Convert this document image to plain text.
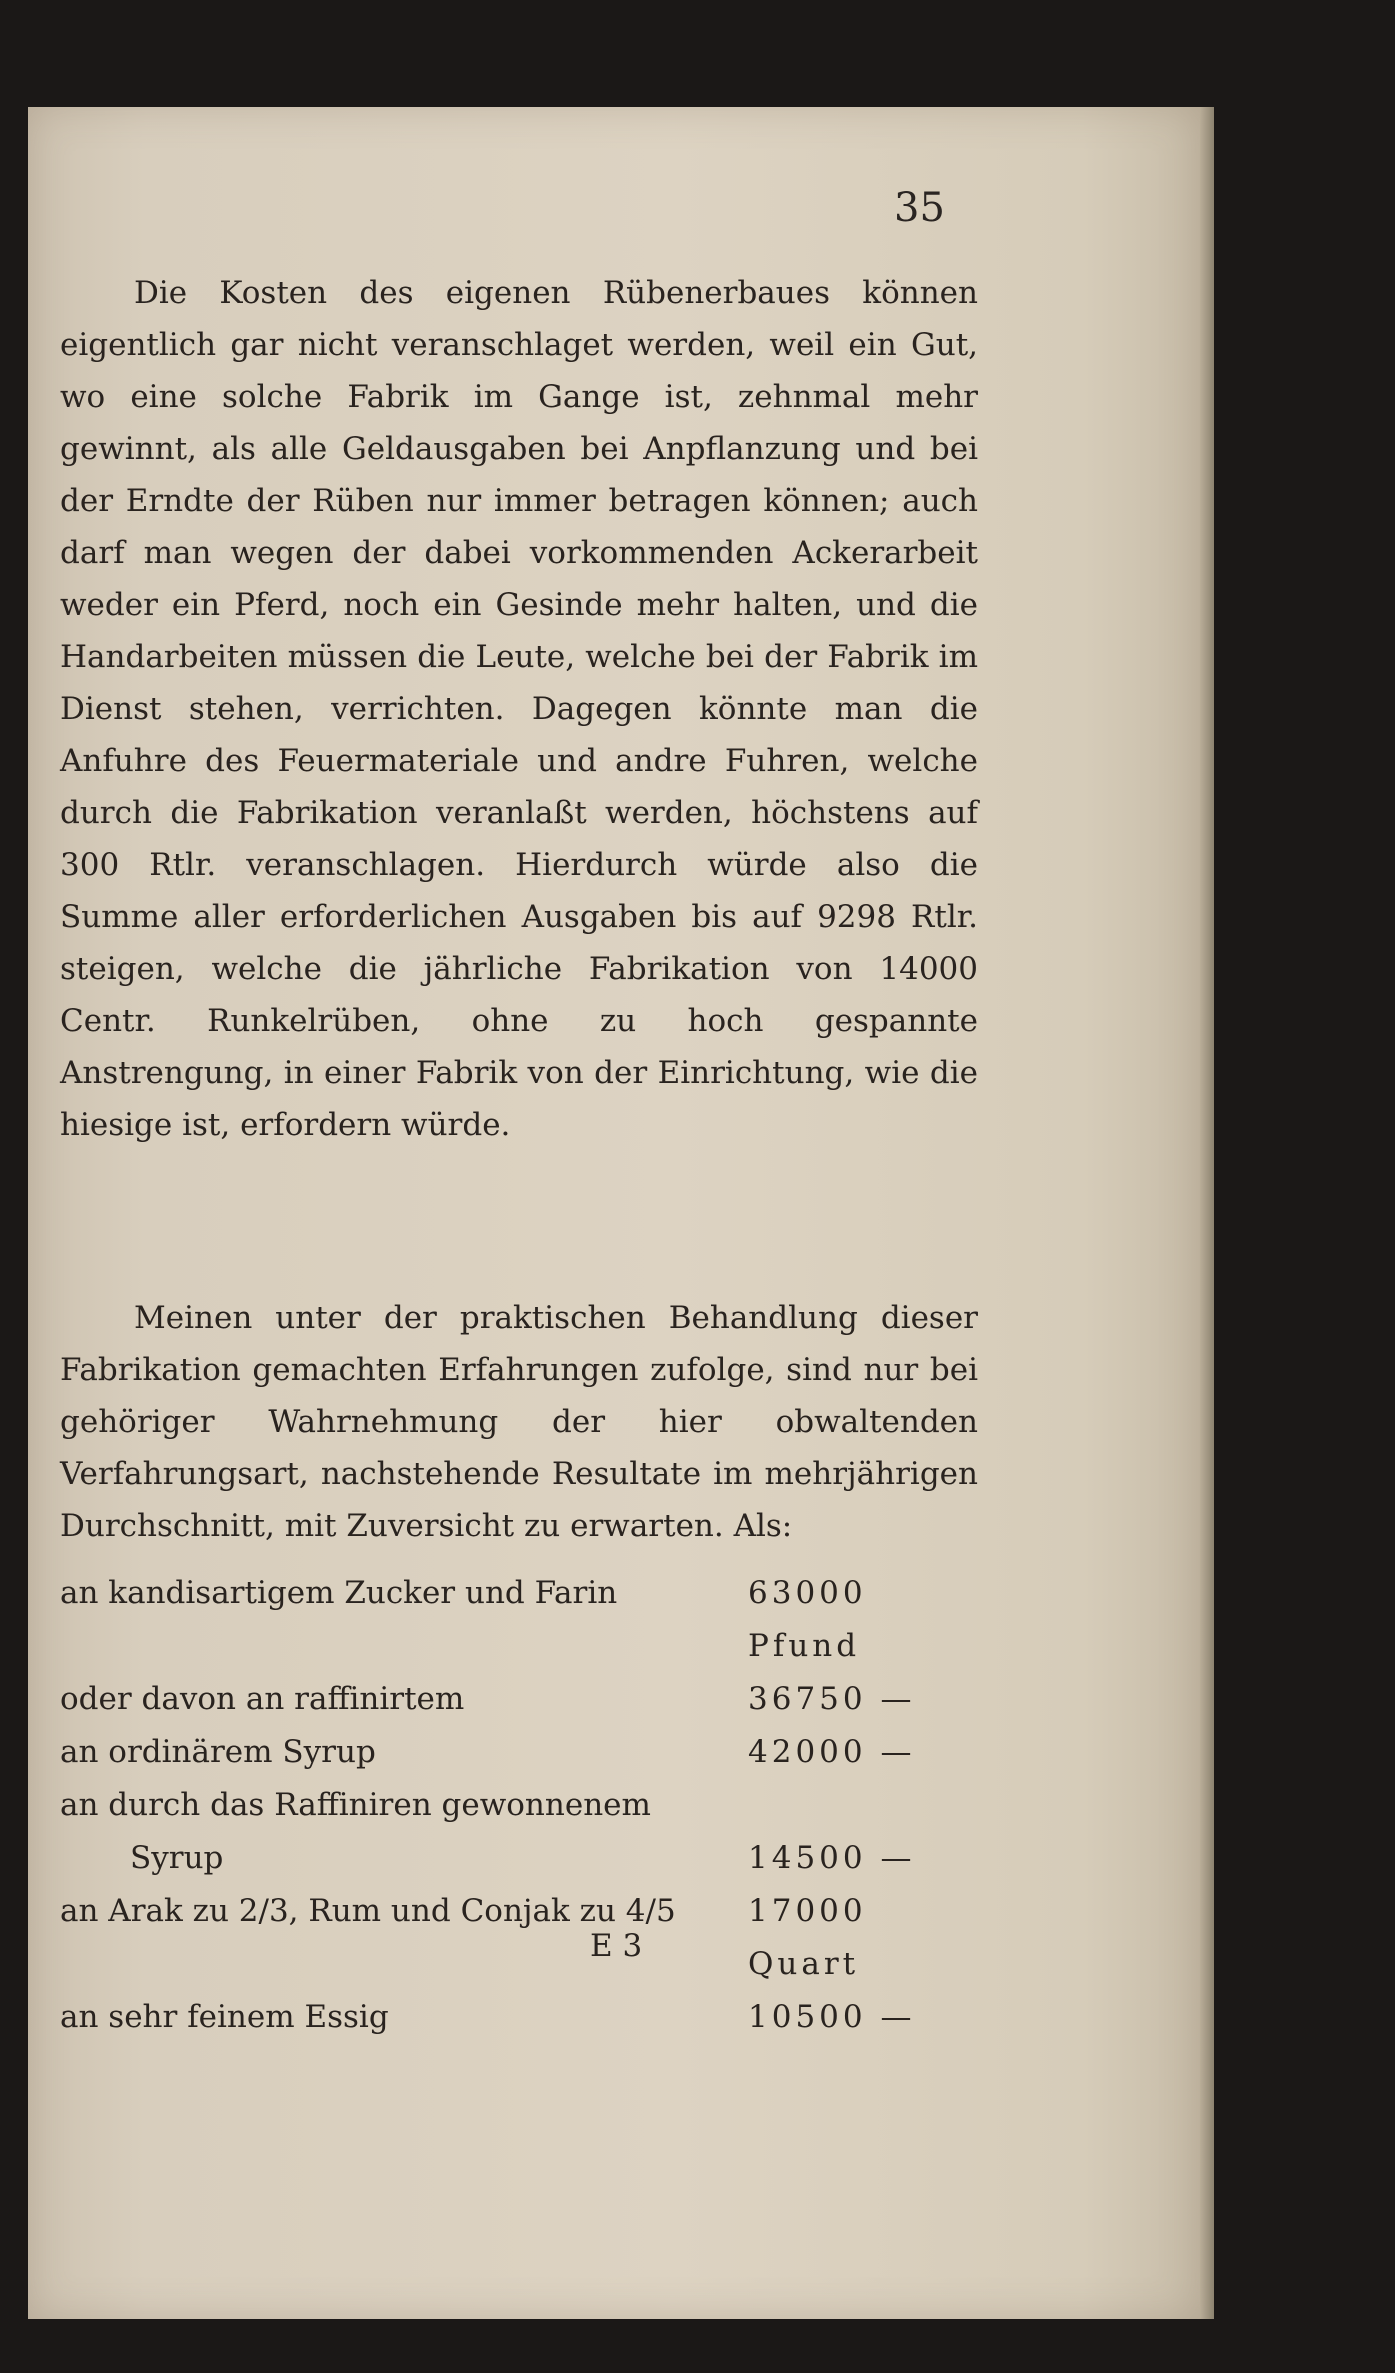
35

Die Kosten des eigenen Rübenerbaues können eigentlich gar nicht veranschlaget werden, weil ein Gut, wo eine solche Fabrik im Gange ist, zehnmal mehr gewinnt, als alle Geldausgaben bei Anpflanzung und bei der Erndte der Rüben nur immer betragen können; auch darf man wegen der dabei vorkommenden Ackerarbeit weder ein Pferd, noch ein Gesinde mehr halten, und die Handarbeiten müssen die Leute, welche bei der Fabrik im Dienst stehen, verrichten. Dagegen könnte man die Anfuhre des Feuermateriale und andre Fuhren, welche durch die Fabrikation veranlaßt werden, höchstens auf 300 Rtlr. veranschlagen. Hierdurch würde also die Summe aller erforderlichen Ausgaben bis auf 9298 Rtlr. steigen, welche die jährliche Fabrikation von 14000 Centr. Runkelrüben, ohne zu hoch gespannte Anstrengung, in einer Fabrik von der Einrichtung, wie die hiesige ist, erfordern würde.

Meinen unter der praktischen Behandlung dieser Fabrikation gemachten Erfahrungen zufolge, sind nur bei gehöriger Wahrnehmung der hier obwaltenden Verfahrungsart, nachstehende Resultate im mehrjährigen Durchschnitt, mit Zuversicht zu erwarten. Als:

an kandisartigem Zucker und Farin	63000 Pfund
oder davon an raffinirtem	36750 —
an ordinärem Syrup	42000 —
an durch das Raffiniren gewonnenem
Syrup	14500 —
an Arak zu 2/3, Rum und Conjak zu 4/5	17000 Quart
an sehr feinem Essig	10500 —
E 3
